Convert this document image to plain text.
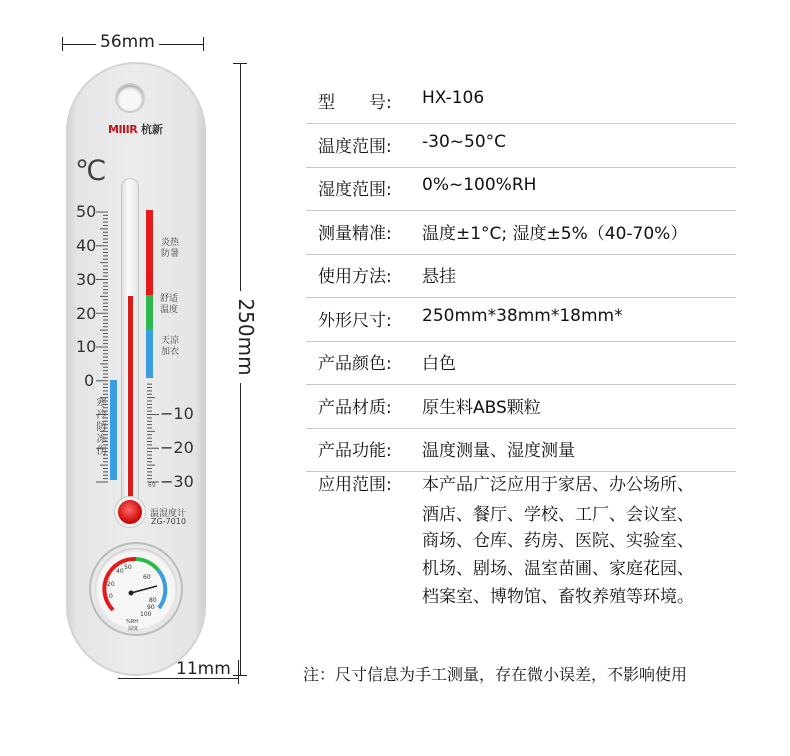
56mm
250mm
11mm
MIIIR 杭新
℃
50
40
30
20
10
0
−10
−20
−30
炎热防暑
舒适温度
天凉加衣
寒冷防冻伤
69
温湿度计
ZG-7010
0
20
40
50
60
80
90
100
%RH
湿度
型　　号: HX-106
温度范围: -30~50°C
湿度范围: 0%~100%RH
测量精准: 温度±1°C; 湿度±5%（40-70%）
使用方法: 悬挂
外形尺寸: 250mm*38mm*18mm*
产品颜色: 白色
产品材质: 原生料ABS颗粒
产品功能: 温度测量、湿度测量
应用范围: 本产品广泛应用于家居、办公场所、
酒店、餐厅、学校、工厂、会议室、
商场、仓库、药房、医院、实验室、
机场、剧场、温室苗圃、家庭花园、
档案室、博物馆、畜牧养殖等环境。
注：尺寸信息为手工测量，存在微小误差，不影响使用
